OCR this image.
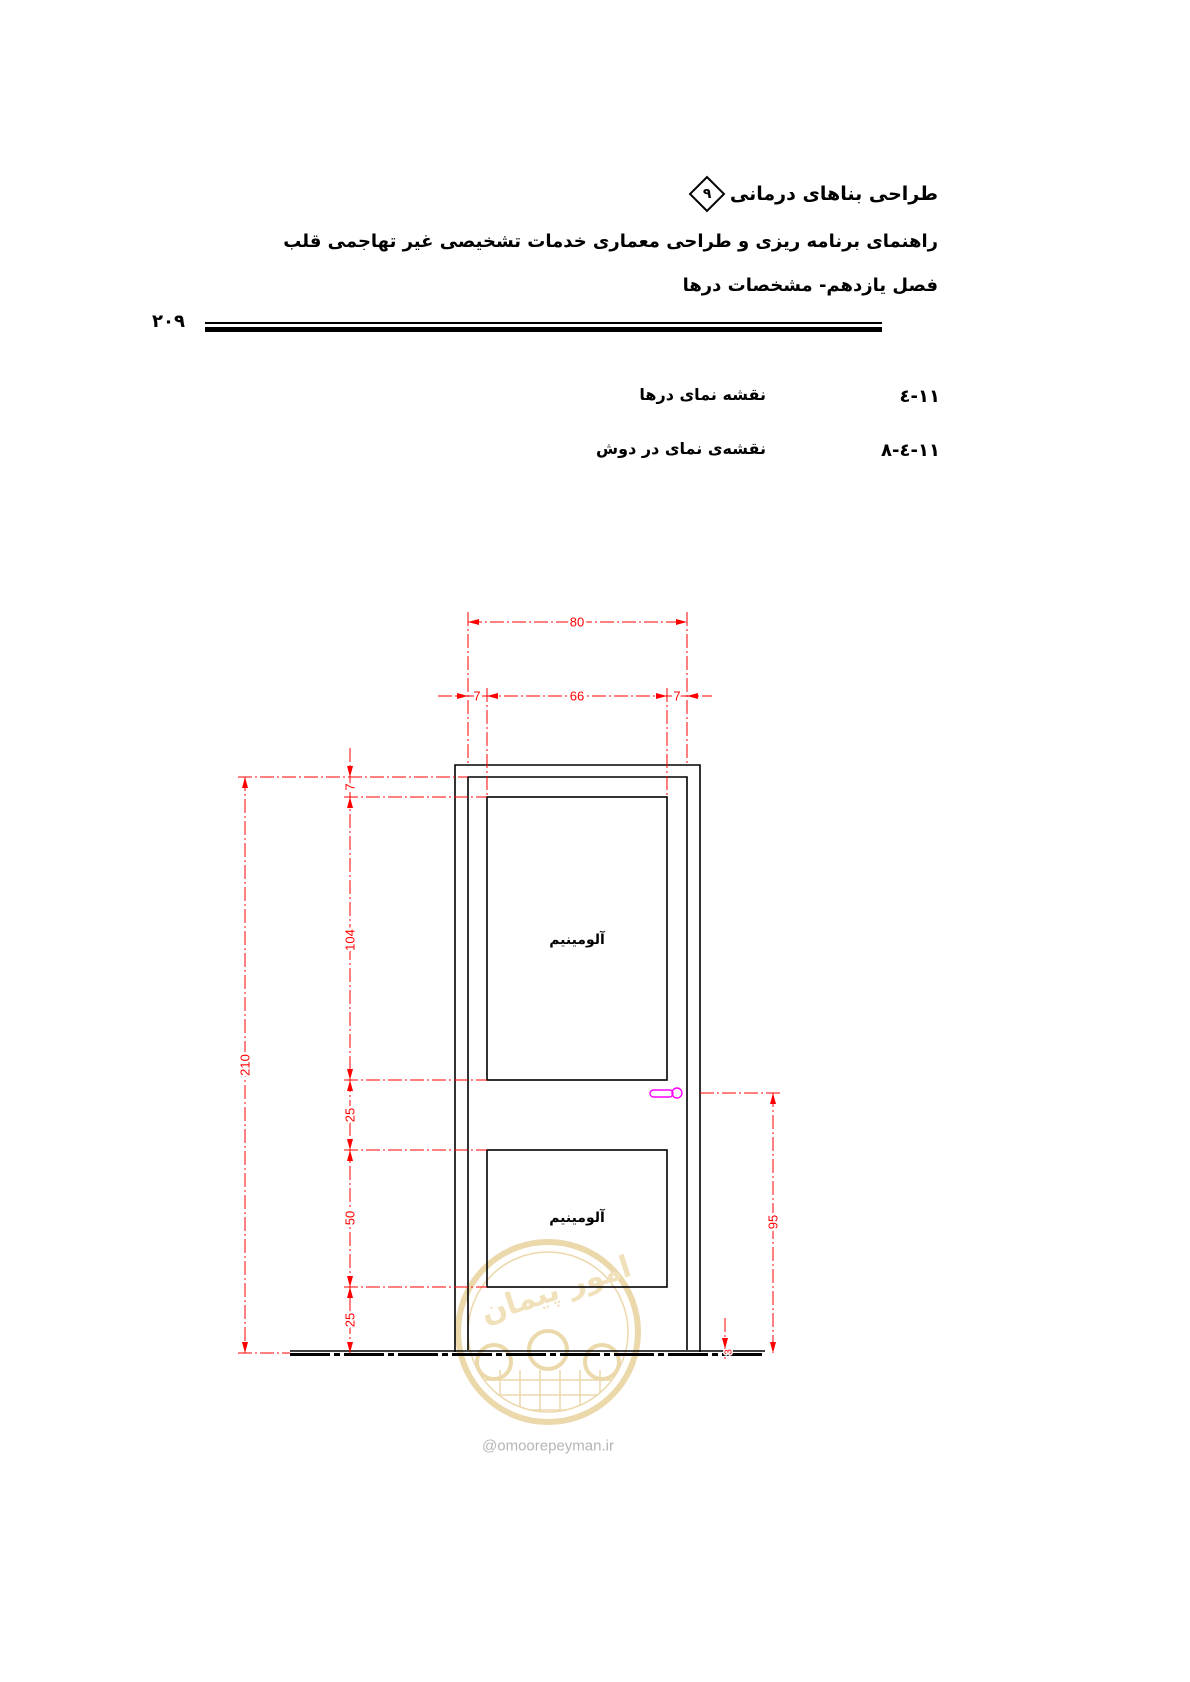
طراحی بناهای درمانی
٩
راهنمای برنامه ریزی و طراحی معماری خدمات تشخیصی غیر تهاجمی قلب
فصل یازدهم- مشخصات درها
٢٠٩
١١-٤
نقشه نمای درها
١١-٤-٨
نقشه‌ی نمای در دوش
امور پیمان
@omoorepeyman.ir
آلومینیم
آلومینیم
80
7	66	7
210
7
104
25
50
25
95
3
